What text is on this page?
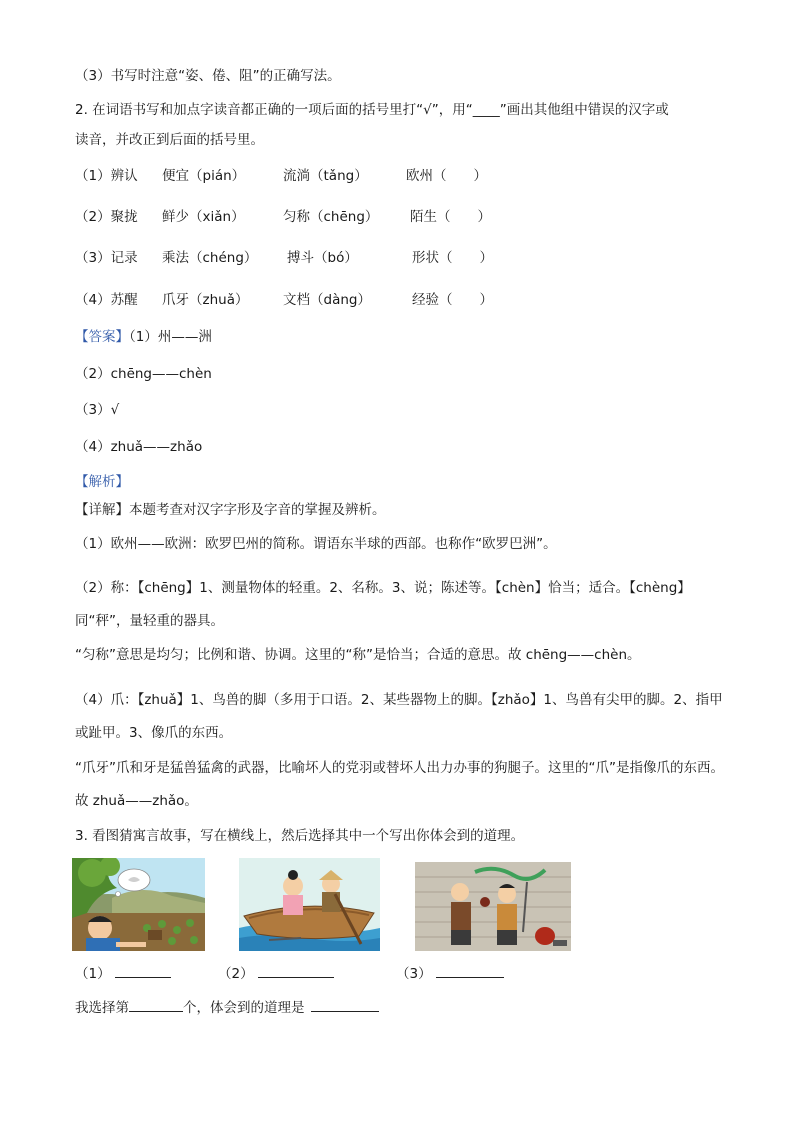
（3）书写时注意“姿、倦、阻”的正确写法。
2. 在词语书写和加点字读音都正确的一项后面的括号里打“√”，用“____”画出其他组中错误的汉字或
读音，并改正到后面的括号里。
（1）辨认 便宜（pián）	流淌（tǎng）	欧州（　　）
（2）聚拢 鲜少（xiǎn）	匀称（chēng） 陌生（　　）
（3）记录 乘法（chéng） 搏斗（bó）	形状（　　）
（4）苏醒 爪牙（zhuǎ）	文档（dàng）	经验（　　）
【答案】（1）州——洲
（2）chēng——chèn
（3）√
（4）zhuǎ——zhǎo
【解析】
【详解】本题考查对汉字字形及字音的掌握及辨析。
（1）欧州——欧洲：欧罗巴州的简称。谓语东半球的西部。也称作“欧罗巴洲”。
（2）称：【chēng】1、测量物体的轻重。2、名称。3、说；陈述等。【chèn】恰当；适合。【chèng】同“秤”，量轻重的器具。
“匀称”意思是均匀；比例和谐、协调。这里的“称”是恰当；合适的意思。故 chēng——chèn。
（4）爪：【zhuǎ】1、鸟兽的脚（多用于口语。2、某些器物上的脚。【zhǎo】1、鸟兽有尖甲的脚。2、指甲或趾甲。3、像爪的东西。
“爪牙”爪和牙是猛兽猛禽的武器，比喻坏人的党羽或替坏人出力办事的狗腿子。这里的“爪”是指像爪的东西。故 zhuǎ——zhǎo。
3. 看图猜寓言故事，写在横线上，然后选择其中一个写出你体会到的道理。
（1）	（2）	（3）
我选择第	个，体会到的道理是
